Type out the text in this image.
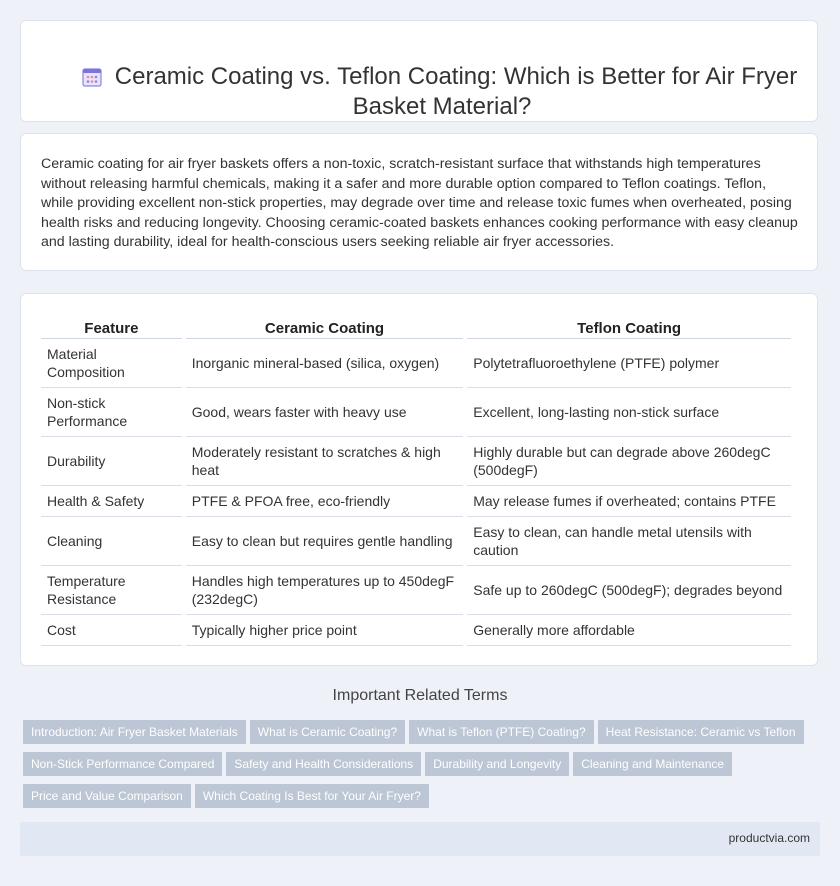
Ceramic Coating vs. Teflon Coating: Which is Better for Air Fryer Basket Material?

Ceramic coating for air fryer baskets offers a non-toxic, scratch-resistant surface that withstands high temperatures without releasing harmful chemicals, making it a safer and more durable option compared to Teflon coatings. Teflon, while providing excellent non-stick properties, may degrade over time and release toxic fumes when overheated, posing health risks and reducing longevity. Choosing ceramic-coated baskets enhances cooking performance with easy cleanup and lasting durability, ideal for health-conscious users seeking reliable air fryer accessories.

Feature	Ceramic Coating	Teflon Coating
Material Composition	Inorganic mineral-based (silica, oxygen)	Polytetrafluoroethylene (PTFE) polymer
Non-stick Performance	Good, wears faster with heavy use	Excellent, long-lasting non-stick surface
Durability	Moderately resistant to scratches & high heat	Highly durable but can degrade above 260degC (500degF)
Health & Safety	PTFE & PFOA free, eco-friendly	May release fumes if overheated; contains PTFE
Cleaning	Easy to clean but requires gentle handling	Easy to clean, can handle metal utensils with caution
Temperature Resistance	Handles high temperatures up to 450degF (232degC)	Safe up to 260degC (500degF); degrades beyond
Cost	Typically higher price point	Generally more affordable
Important Related Terms
Introduction: Air Fryer Basket Materials What is Ceramic Coating? What is Teflon (PTFE) Coating? Heat Resistance: Ceramic vs Teflon
Non-Stick Performance Compared Safety and Health Considerations Durability and Longevity Cleaning and Maintenance
Price and Value Comparison Which Coating Is Best for Your Air Fryer?
productvia.com
